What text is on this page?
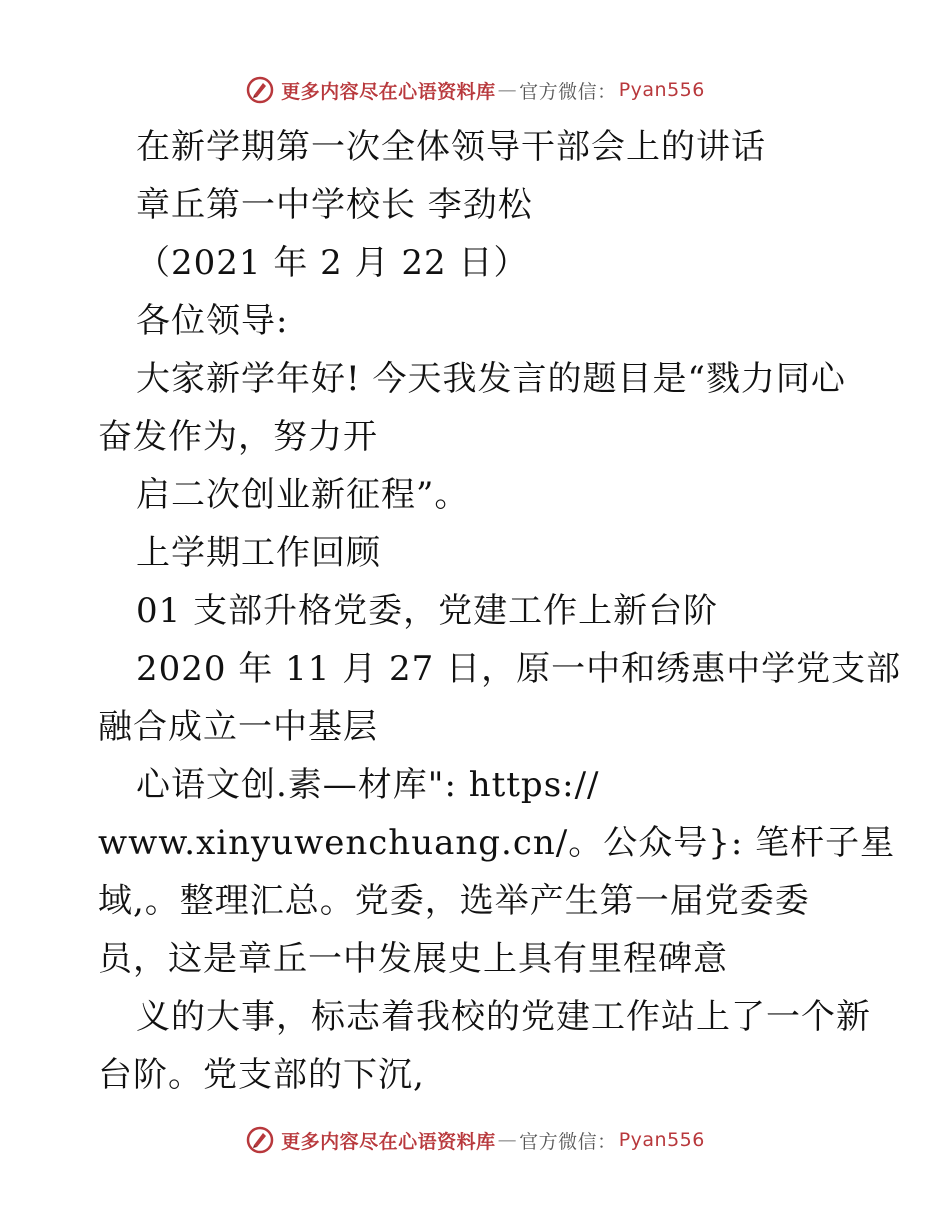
更多内容尽在心语资料库 — 官方微信： Pyan556
在新学期第一次全体领导干部会上的讲话
章丘第一中学校长 李劲松
（2021 年 2 月 22 日）
各位领导:
大家新学年好! 今天我发言的题目是“戮力同心
奋发作为，努力开
启二次创业新征程”。
上学期工作回顾
01 支部升格党委，党建工作上新台阶
2020 年 11 月 27 日，原一中和绣惠中学党支部
融合成立一中基层
心语文创.素—材库": https://
www.xinyuwenchuang.cn/。公众号}: 笔杆子星
域,。整理汇总。党委，选举产生第一届党委委
员，这是章丘一中发展史上具有里程碑意
义的大事，标志着我校的党建工作站上了一个新
台阶。党支部的下沉,
更多内容尽在心语资料库 — 官方微信： Pyan556
